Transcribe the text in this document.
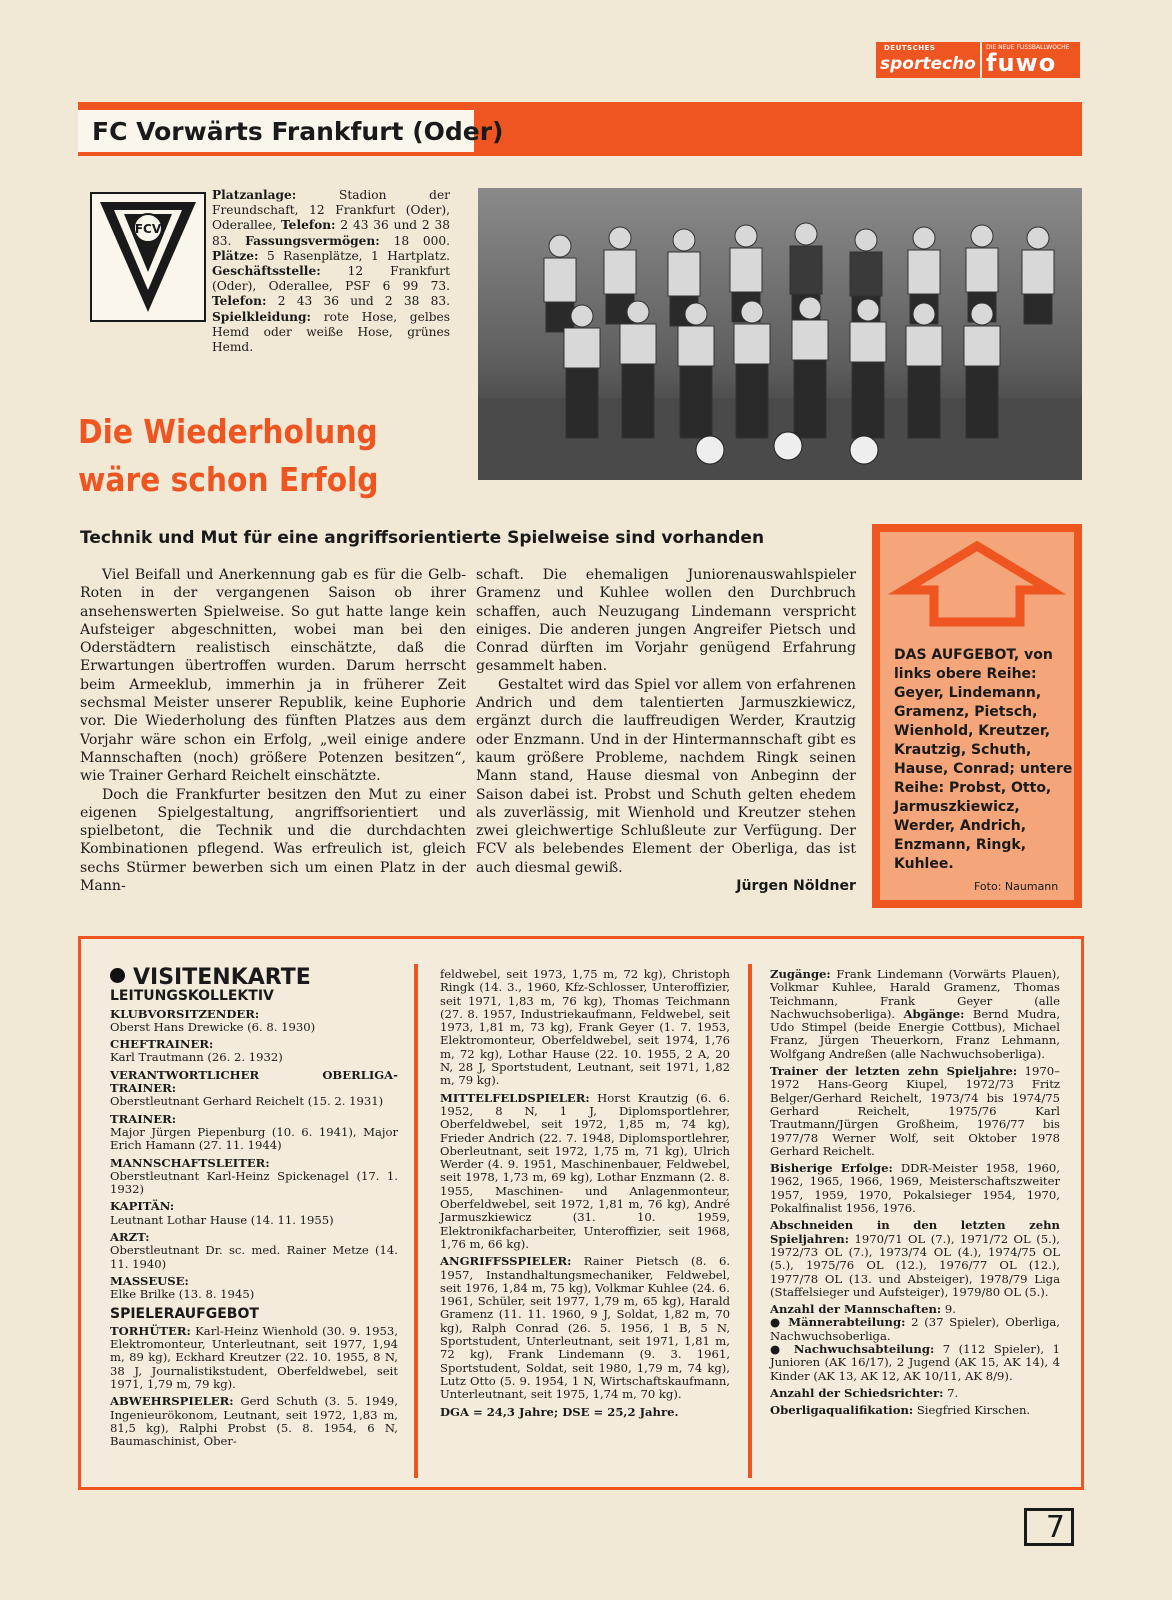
DEUTSCHES
sportecho
DIE NEUE FUSSBALLWOCHE
fuwo
FC Vorwärts Frankfurt (Oder)
FCV
Platzanlage: Stadion der Freundschaft, 12 Frankfurt (Oder), Oderallee, Telefon: 2 43 36 und 2 38 83. Fassungsvermögen: 18 000. Plätze: 5 Rasenplätze, 1 Hartplatz. Geschäftsstelle: 12 Frankfurt (Oder), Oderallee, PSF 6 99 73. Telefon: 2 43 36 und 2 38 83. Spielkleidung: rote Hose, gelbes Hemd oder weiße Hose, grünes Hemd.
Die Wiederholung
wäre schon Erfolg
Technik und Mut für eine angriffsorientierte Spielweise sind vorhanden

Viel Beifall und Anerkennung gab es für die Gelb-Roten in der vergangenen Saison ob ihrer ansehenswerten Spielweise. So gut hatte lange kein Aufsteiger abgeschnitten, wobei man bei den Oderstädtern realistisch einschätzte, daß die Erwartungen übertroffen wurden. Darum herrscht beim Armeeklub, immerhin ja in früherer Zeit sechsmal Meister unserer Republik, keine Euphorie vor. Die Wiederholung des fünften Platzes aus dem Vorjahr wäre schon ein Erfolg, „weil einige andere Mannschaften (noch) größere Potenzen besitzen“, wie Trainer Gerhard Reichelt einschätzte.

Doch die Frankfurter besitzen den Mut zu einer eigenen Spielgestaltung, angriffsorientiert und spielbetont, die Technik und die durchdachten Kombinationen pflegend. Was erfreulich ist, gleich sechs Stürmer bewerben sich um einen Platz in der Mann-

schaft. Die ehemaligen Juniorenauswahlspieler Gramenz und Kuhlee wollen den Durchbruch schaffen, auch Neuzugang Lindemann verspricht einiges. Die anderen jungen Angreifer Pietsch und Conrad dürften im Vorjahr genügend Erfahrung gesammelt haben.

Gestaltet wird das Spiel vor allem von erfahrenen Andrich und dem talentierten Jarmuszkiewicz, ergänzt durch die lauffreudigen Werder, Krautzig oder Enzmann. Und in der Hintermannschaft gibt es kaum größere Probleme, nachdem Ringk seinen Mann stand, Hause diesmal von Anbeginn der Saison dabei ist. Probst und Schuth gelten ehedem als zuverlässig, mit Wienhold und Kreutzer stehen zwei gleichwertige Schlußleute zur Verfügung. Der FCV als belebendes Element der Oberliga, das ist auch diesmal gewiß.

Jürgen Nöldner
DAS AUFGEBOT, von links obere Reihe: Geyer, Lindemann, Gramenz, Pietsch, Wienhold, Kreutzer, Krautzig, Schuth, Hause, Conrad; untere Reihe: Probst, Otto, Jarmuszkiewicz, Werder, Andrich, Enzmann, Ringk, Kuhlee.
Foto: Naumann
VISITENKARTE
LEITUNGSKOLLEKTIV

KLUBVORSITZENDER:
Oberst Hans Drewicke (6. 8. 1930)

CHEFTRAINER:
Karl Trautmann (26. 2. 1932)

VERANTWORTLICHER OBERLIGA-TRAINER:
Oberstleutnant Gerhard Reichelt (15. 2. 1931)

TRAINER:
Major Jürgen Piepenburg (10. 6. 1941), Major Erich Hamann (27. 11. 1944)

MANNSCHAFTSLEITER:
Oberstleutnant Karl-Heinz Spickenagel (17. 1. 1932)

KAPITÄN:
Leutnant Lothar Hause (14. 11. 1955)

ARZT:
Oberstleutnant Dr. sc. med. Rainer Metze (14. 11. 1940)

MASSEUSE:
Elke Brilke (13. 8. 1945)

SPIELERAUFGEBOT

TORHÜTER: Karl-Heinz Wienhold (30. 9. 1953, Elektromonteur, Unterleutnant, seit 1977, 1,94 m, 89 kg), Eckhard Kreutzer (22. 10. 1955, 8 N, 38 J, Journalistikstudent, Oberfeldwebel, seit 1971, 1,79 m, 79 kg).

ABWEHRSPIELER: Gerd Schuth (3. 5. 1949, Ingenieurökonom, Leutnant, seit 1972, 1,83 m, 81,5 kg), Ralphi Probst (5. 8. 1954, 6 N, Baumaschinist, Ober-

feldwebel, seit 1973, 1,75 m, 72 kg), Christoph Ringk (14. 3., 1960, Kfz-Schlosser, Unteroffizier, seit 1971, 1,83 m, 76 kg), Thomas Teichmann (27. 8. 1957, Industriekaufmann, Feldwebel, seit 1973, 1,81 m, 73 kg), Frank Geyer (1. 7. 1953, Elektromonteur, Oberfeldwebel, seit 1974, 1,76 m, 72 kg), Lothar Hause (22. 10. 1955, 2 A, 20 N, 28 J, Sportstudent, Leutnant, seit 1971, 1,82 m, 79 kg).

MITTELFELDSPIELER: Horst Krautzig (6. 6. 1952, 8 N, 1 J, Diplomsportlehrer, Oberfeldwebel, seit 1972, 1,85 m, 74 kg), Frieder Andrich (22. 7. 1948, Diplomsportlehrer, Oberleutnant, seit 1972, 1,75 m, 71 kg), Ulrich Werder (4. 9. 1951, Maschinenbauer, Feldwebel, seit 1978, 1,73 m, 69 kg), Lothar Enzmann (2. 8. 1955, Maschinen- und Anlagenmonteur, Oberfeldwebel, seit 1972, 1,81 m, 76 kg), André Jarmuszkiewicz (31. 10. 1959, Elektronikfacharbeiter, Unteroffizier, seit 1968, 1,76 m, 66 kg).

ANGRIFFSSPIELER: Rainer Pietsch (8. 6. 1957, Instandhaltungsmechaniker, Feldwebel, seit 1976, 1,84 m, 75 kg), Volkmar Kuhlee (24. 6. 1961, Schüler, seit 1977, 1,79 m, 65 kg), Harald Gramenz (11. 11. 1960, 9 J, Soldat, 1,82 m, 70 kg), Ralph Conrad (26. 5. 1956, 1 B, 5 N, Sportstudent, Unterleutnant, seit 1971, 1,81 m, 72 kg), Frank Lindemann (9. 3. 1961, Sportstudent, Soldat, seit 1980, 1,79 m, 74 kg), Lutz Otto (5. 9. 1954, 1 N, Wirtschaftskaufmann, Unterleutnant, seit 1975, 1,74 m, 70 kg).

DGA = 24,3 Jahre; DSE = 25,2 Jahre.

Zugänge: Frank Lindemann (Vorwärts Plauen), Volkmar Kuhlee, Harald Gramenz, Thomas Teichmann, Frank Geyer (alle Nachwuchsoberliga). Abgänge: Bernd Mudra, Udo Stimpel (beide Energie Cottbus), Michael Franz, Jürgen Theuerkorn, Franz Lehmann, Wolfgang Andreßen (alle Nachwuchsoberliga).

Trainer der letzten zehn Spieljahre: 1970–1972 Hans-Georg Kiupel, 1972/73 Fritz Belger/Gerhard Reichelt, 1973/74 bis 1974/75 Gerhard Reichelt, 1975/76 Karl Trautmann/Jürgen Großheim, 1976/77 bis 1977/78 Werner Wolf, seit Oktober 1978 Gerhard Reichelt.

Bisherige Erfolge: DDR-Meister 1958, 1960, 1962, 1965, 1966, 1969, Meisterschaftszweiter 1957, 1959, 1970, Pokalsieger 1954, 1970, Pokalfinalist 1956, 1976.

Abschneiden in den letzten zehn Spieljahren: 1970/71 OL (7.), 1971/72 OL (5.), 1972/73 OL (7.), 1973/74 OL (4.), 1974/75 OL (5.), 1975/76 OL (12.), 1976/77 OL (12.), 1977/78 OL (13. und Absteiger), 1978/79 Liga (Staffelsieger und Aufsteiger), 1979/80 OL (5.).

Anzahl der Mannschaften: 9.

● Männerabteilung: 2 (37 Spieler), Oberliga, Nachwuchsoberliga.

● Nachwuchsabteilung: 7 (112 Spieler), 1 Junioren (AK 16/17), 2 Jugend (AK 15, AK 14), 4 Kinder (AK 13, AK 12, AK 10/11, AK 8/9).

Anzahl der Schiedsrichter: 7.

Oberligaqualifikation: Siegfried Kirschen.

7
